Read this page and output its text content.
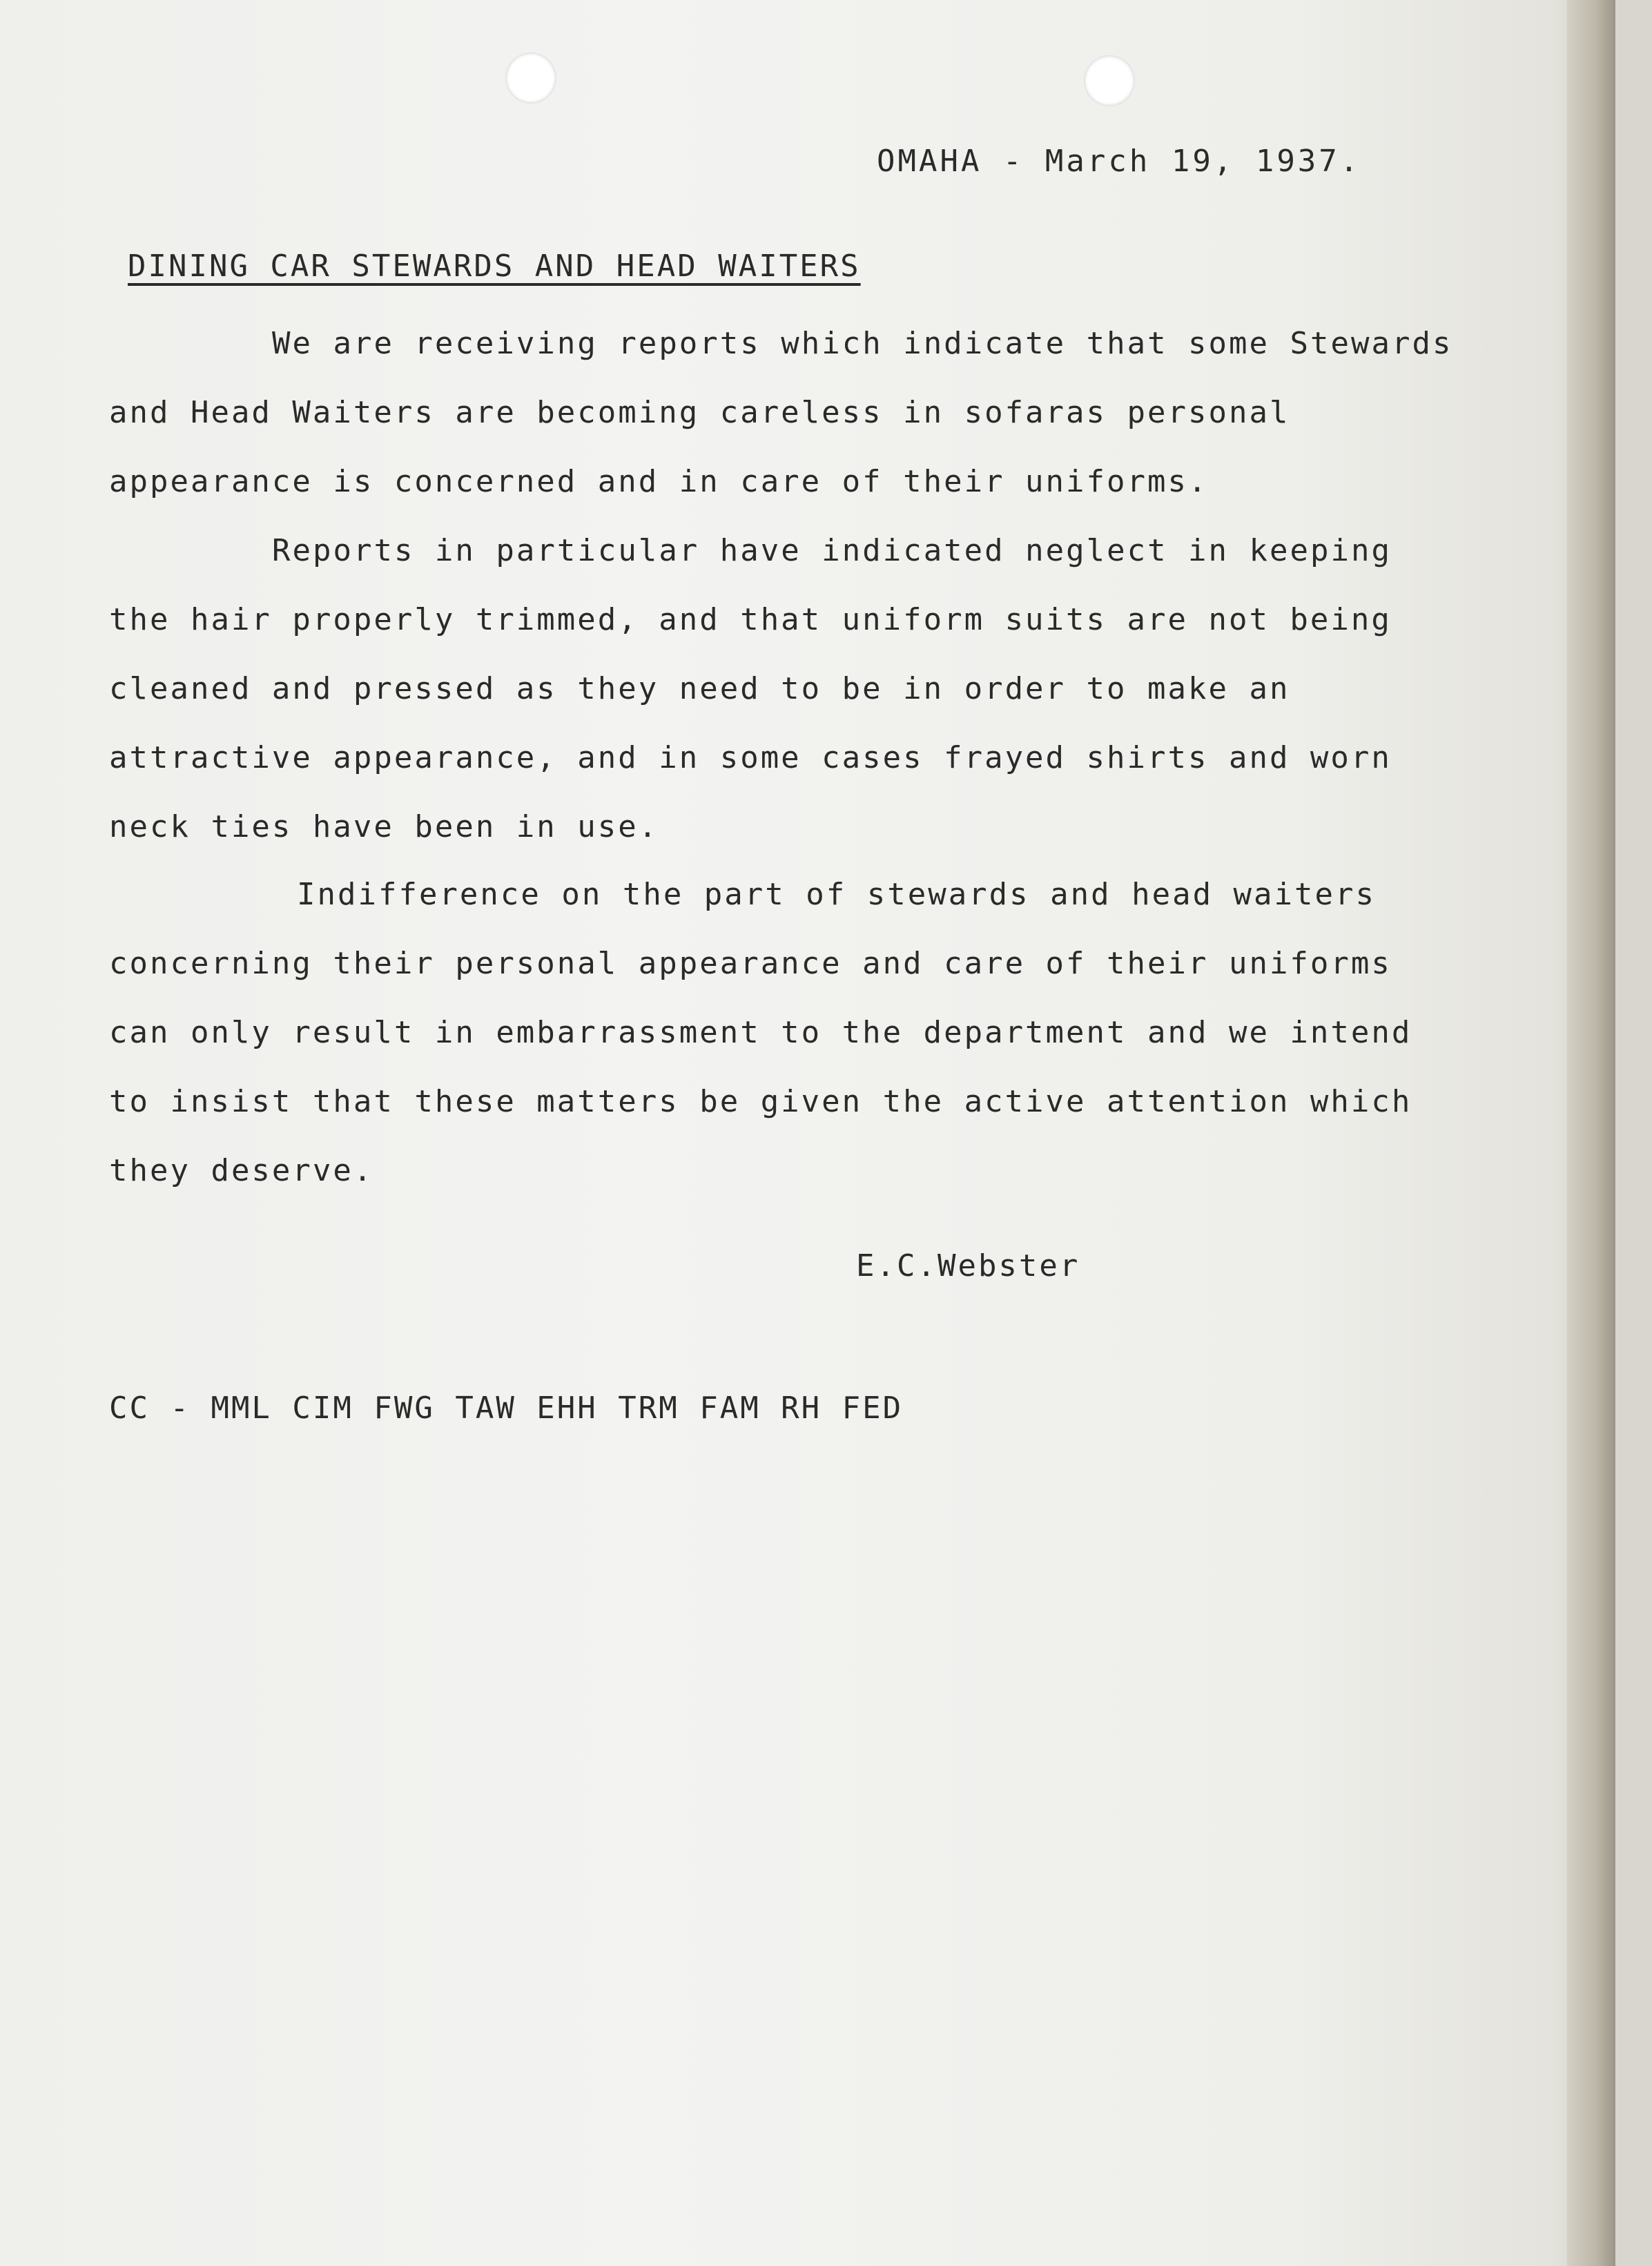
OMAHA - March 19, 1937.
DINING CAR STEWARDS AND HEAD WAITERS
We are receiving reports which indicate that some Stewards and Head Waiters are becoming careless in sofaras personal appearance is concerned and in care of their uniforms.
Reports in particular have indicated neglect in keeping the hair properly trimmed, and that uniform suits are not being cleaned and pressed as they need to be in order to make an attractive appearance, and in some cases frayed shirts and worn neck ties have been in use.
Indifference on the part of stewards and head waiters concerning their personal appearance and care of their uniforms can only result in embarrassment to the department and we intend to insist that these matters be given the active attention which they deserve.
E.C.Webster
CC - MML CIM FWG TAW EHH TRM FAM RH FED
